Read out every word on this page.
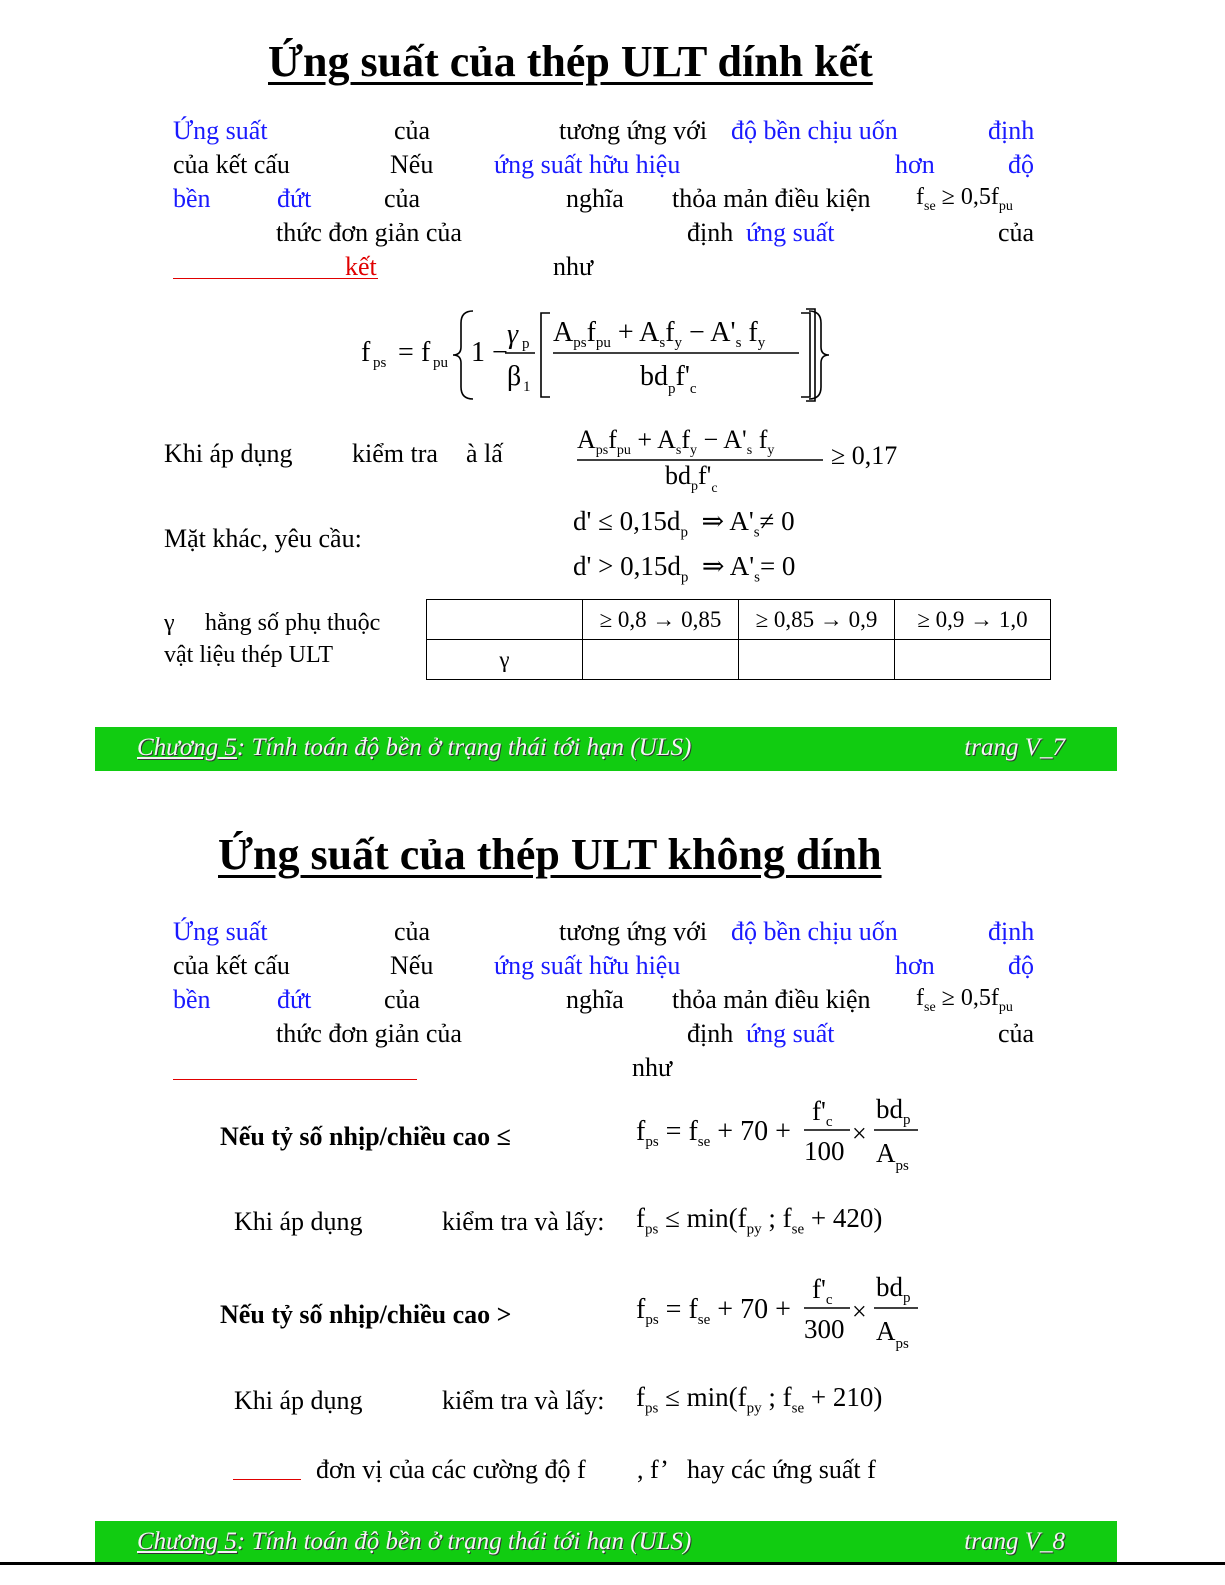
Ứng suất của thép ULT dính kết
Ứng suất	của	tương ứng với độ bền chịu uốn	định
của kết cấu	Nếu ứng suất hữu hiệu	hơn	độ
bền	đứt	của	nghĩa thỏa mản điều kiện $f_{se} \ge 0,5f_{pu}$
thức đơn giản của	định ứng suất	của
kết	như
f ps = f pu 1 −
γ p
β 1
$A_{ps}f_{pu} + A_sf_y - A'_s$ $f_y$
$bd_pf'_c$
Khi áp dụng kiểm tra à lấ	$A_{ps}f_{pu} + A_sf_y - A'_s$ $f_y$
$bd_pf'_c$
≥ 0,17
Mặt khác, yêu cầu:
$d' \le 0,15d_p$ ⇒ $A'_s\ne 0$
$d' > 0,15d_p$ ⇒ $A'_s= 0$
γ hằng số phụ thuộc
vật liệu thép ULT
	≥ 0,8 → 0,85	≥ 0,85 → 0,9	≥ 0,9 → 1,0
γ			
Chương 5: Tính toán độ bền ở trạng thái tới hạn (ULS)	trang V_7
Ứng suất của thép ULT không dính
Ứng suất	của	tương ứng với độ bền chịu uốn	định
của kết cấu	Nếu ứng suất hữu hiệu	hơn	độ
bền	đứt	của	nghĩa thỏa mản điều kiện $f_{se} \ge 0,5f_{pu}$
thức đơn giản của	định ứng suất	của
như
Nếu tỷ số nhịp/chiều cao ≤	$f_{ps} = f_{se} + 70$ +
$f'_c$
100
×
$bd_p$
$A_{ps}$
Khi áp dụng	kiểm tra và lấy: $f_{ps} \le \min(f_{py}$ ; $f_{se} + 420$)
Nếu tỷ số nhịp/chiều cao >	$f_{ps} = f_{se} + 70$ +
$f'_c$
300
×
$bd_p$
$A_{ps}$
Khi áp dụng	kiểm tra và lấy: $f_{ps} \le \min(f_{py}$ ; $f_{se} + 210$)
đơn vị của các cường độ f , f’ hay các ứng suất f
Chương 5: Tính toán độ bền ở trạng thái tới hạn (ULS)	trang V_8
